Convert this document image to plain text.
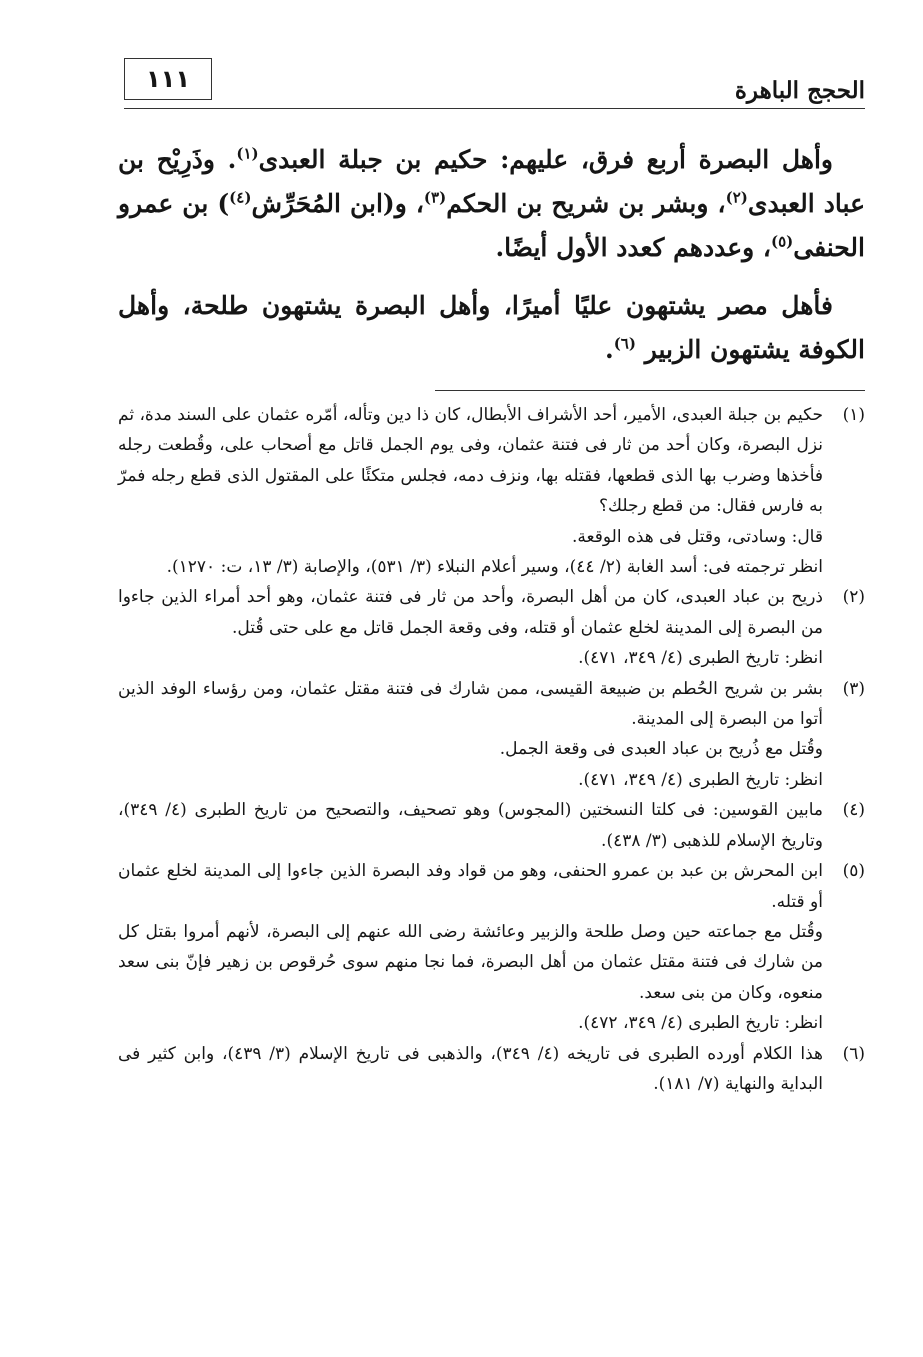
الحجج الباهرة
١١١

وأهل البصرة أربع فرق، عليهم: حكيم بن جبلة العبدى$^{(١)}$. وذَرِيْح بن عباد العبدى$^{(٢)}$، وبشر بن شريح بن الحكم$^{(٣)}$، و(ابن المُحَرِّش$^{(٤)}$) بن عمرو الحنفى$^{(٥)}$، وعددهم كعدد الأول أيضًا.

فأهل مصر يشتهون عليًا أميرًا، وأهل البصرة يشتهون طلحة، وأهل الكوفة يشتهون الزبير $^{(٦)}$.

(١)
حكيم بن جبلة العبدى، الأمير، أحد الأشراف الأبطال، كان ذا دين وتأله، أمّره عثمان على السند مدة، ثم نزل البصرة، وكان أحد من ثار فى فتنة عثمان، وفى يوم الجمل قاتل مع أصحاب على، وقُطعت رجله فأخذها وضرب بها الذى قطعها، فقتله بها، ونزف دمه، فجلس متكئًا على المقتول الذى قطع رجله فمرّ به فارس فقال: من قطع رجلك؟
قال: وسادتى، وقتل فى هذه الوقعة.
انظر ترجمته فى: أسد الغابة (٢/ ٤٤)، وسير أعلام النبلاء (٣/ ٥٣١)، والإصابة (٣/ ١٣، ت: ١٢٧٠).
(٢)
ذريح بن عباد العبدى، كان من أهل البصرة، وأحد من ثار فى فتنة عثمان، وهو أحد أمراء الذين جاءوا من البصرة إلى المدينة لخلع عثمان أو قتله، وفى وقعة الجمل قاتل مع على حتى قُتل.
انظر: تاريخ الطبرى (٤/ ٣٤٩، ٤٧١).
(٣)
بشر بن شريح الحُطم بن ضبيعة القيسى، ممن شارك فى فتنة مقتل عثمان، ومن رؤساء الوفد الذين أتوا من البصرة إلى المدينة.
وقُتل مع ذُريح بن عباد العبدى فى وقعة الجمل.
انظر: تاريخ الطبرى (٤/ ٣٤٩، ٤٧١).
(٤)
مابين القوسين: فى كلتا النسختين (المجوس) وهو تصحيف، والتصحيح من تاريخ الطبرى (٤/ ٣٤٩)، وتاريخ الإسلام للذهبى (٣/ ٤٣٨).
(٥)
ابن المحرش بن عبد بن عمرو الحنفى، وهو من قواد وفد البصرة الذين جاءوا إلى المدينة لخلع عثمان أو قتله.
وقُتل مع جماعته حين وصل طلحة والزبير وعائشة رضى الله عنهم إلى البصرة، لأنهم أمروا بقتل كل من شارك فى فتنة مقتل عثمان من أهل البصرة، فما نجا منهم سوى حُرقوص بن زهير فإنّ بنى سعد منعوه، وكان من بنى سعد.
انظر: تاريخ الطبرى (٤/ ٣٤٩، ٤٧٢).
(٦)
هذا الكلام أورده الطبرى فى تاريخه (٤/ ٣٤٩)، والذهبى فى تاريخ الإسلام (٣/ ٤٣٩)، وابن كثير فى البداية والنهاية (٧/ ١٨١).
